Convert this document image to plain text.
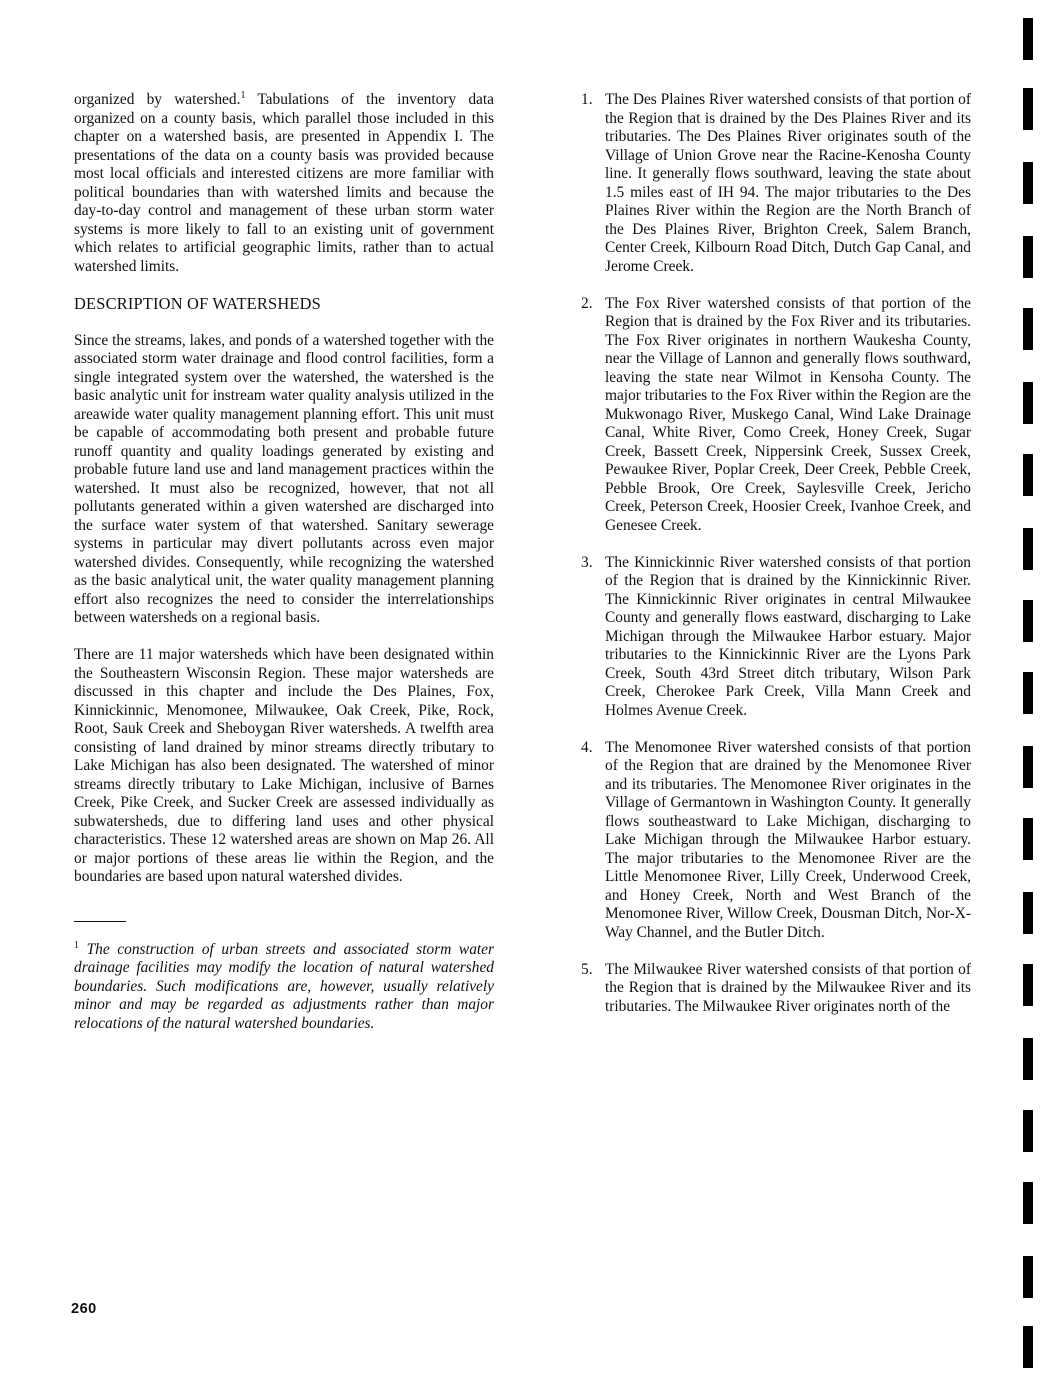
organized by watershed.$^1$ Tabulations of the inventory data organized on a county basis, which parallel those included in this chapter on a watershed basis, are presented in Appendix I. The presentations of the data on a county basis was provided because most local officials and interested citizens are more familiar with political boundaries than with watershed limits and because the day-to-day control and management of these urban storm water systems is more likely to fall to an existing unit of government which relates to artificial geographic limits, rather than to actual watershed limits.

DESCRIPTION OF WATERSHEDS

Since the streams, lakes, and ponds of a watershed together with the associated storm water drainage and flood control facilities, form a single integrated system over the watershed, the watershed is the basic analytic unit for instream water quality analysis utilized in the areawide water quality management planning effort. This unit must be capable of accommodating both present and probable future runoff quantity and quality loadings generated by existing and probable future land use and land management practices within the watershed. It must also be recognized, however, that not all pollutants generated within a given watershed are discharged into the surface water system of that watershed. Sanitary sewerage systems in particular may divert pollutants across even major watershed divides. Consequently, while recognizing the watershed as the basic analytical unit, the water quality management planning effort also recognizes the need to consider the interrelationships between watersheds on a regional basis.

There are 11 major watersheds which have been designated within the Southeastern Wisconsin Region. These major watersheds are discussed in this chapter and include the Des Plaines, Fox, Kinnickinnic, Menomonee, Milwaukee, Oak Creek, Pike, Rock, Root, Sauk Creek and Sheboygan River watersheds. A twelfth area consisting of land drained by minor streams directly tributary to Lake Michigan has also been designated. The watershed of minor streams directly tributary to Lake Michigan, inclusive of Barnes Creek, Pike Creek, and Sucker Creek are assessed individually as subwatersheds, due to differing land uses and other physical characteristics. These 12 watershed areas are shown on Map 26. All or major portions of these areas lie within the Region, and the boundaries are based upon natural watershed divides.

$^1$ The construction of urban streets and associated storm water drainage facilities may modify the location of natural watershed boundaries. Such modifications are, however, usually relatively minor and may be regarded as adjustments rather than major relocations of the natural watershed boundaries.

1. The Des Plaines River watershed consists of that portion of the Region that is drained by the Des Plaines River and its tributaries. The Des Plaines River originates south of the Village of Union Grove near the Racine-Kenosha County line. It generally flows southward, leaving the state about 1.5 miles east of IH 94. The major tributaries to the Des Plaines River within the Region are the North Branch of the Des Plaines River, Brighton Creek, Salem Branch, Center Creek, Kilbourn Road Ditch, Dutch Gap Canal, and Jerome Creek.
2. The Fox River watershed consists of that portion of the Region that is drained by the Fox River and its tributaries. The Fox River originates in northern Waukesha County, near the Village of Lannon and generally flows southward, leaving the state near Wilmot in Kensoha County. The major tributaries to the Fox River within the Region are the Mukwonago River, Muskego Canal, Wind Lake Drainage Canal, White River, Como Creek, Honey Creek, Sugar Creek, Bassett Creek, Nippersink Creek, Sussex Creek, Pewaukee River, Poplar Creek, Deer Creek, Pebble Creek, Pebble Brook, Ore Creek, Saylesville Creek, Jericho Creek, Peterson Creek, Hoosier Creek, Ivanhoe Creek, and Genesee Creek.
3. The Kinnickinnic River watershed consists of that portion of the Region that is drained by the Kinnickinnic River. The Kinnickinnic River originates in central Milwaukee County and generally flows eastward, discharging to Lake Michigan through the Milwaukee Harbor estuary. Major tributaries to the Kinnickinnic River are the Lyons Park Creek, South 43rd Street ditch tributary, Wilson Park Creek, Cherokee Park Creek, Villa Mann Creek and Holmes Avenue Creek.
4. The Menomonee River watershed consists of that portion of the Region that are drained by the Menomonee River and its tributaries. The Menomonee River originates in the Village of Germantown in Washington County. It generally flows southeastward to Lake Michigan, discharging to Lake Michigan through the Milwaukee Harbor estuary. The major tributaries to the Menomonee River are the Little Menomonee River, Lilly Creek, Underwood Creek, and Honey Creek, North and West Branch of the Menomonee River, Willow Creek, Dousman Ditch, Nor-X-Way Channel, and the Butler Ditch.
5. The Milwaukee River watershed consists of that portion of the Region that is drained by the Milwaukee River and its tributaries. The Milwaukee River originates north of the
260
